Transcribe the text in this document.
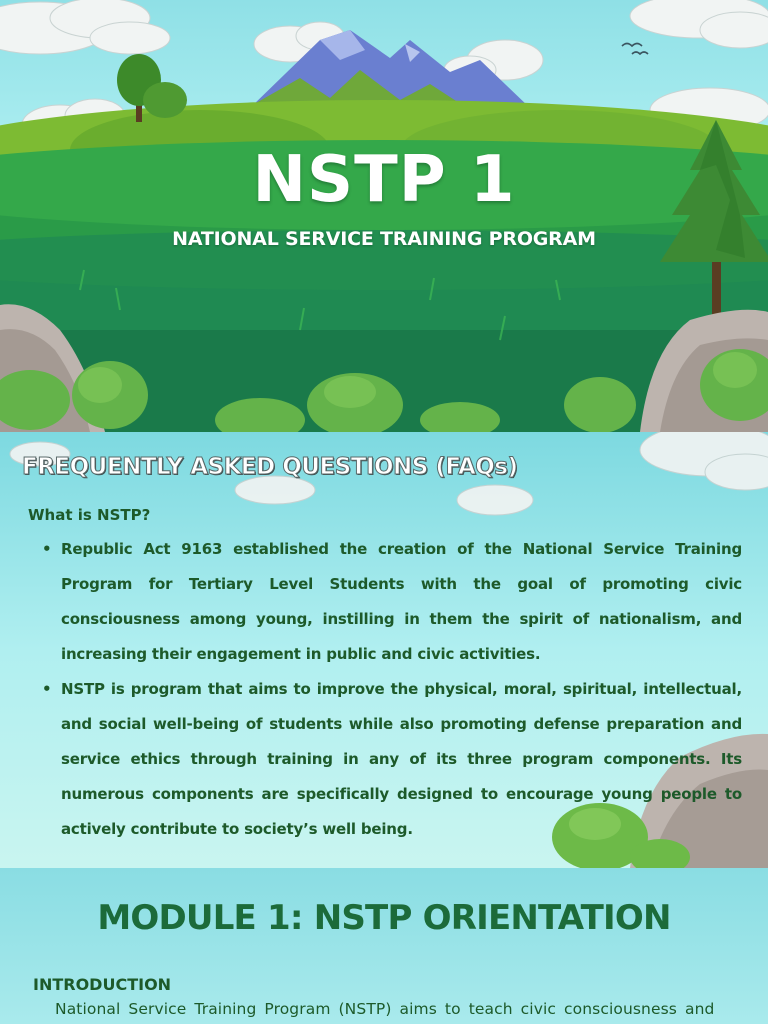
NSTP 1
NATIONAL SERVICE TRAINING PROGRAM
FREQUENTLY ASKED QUESTIONS (FAQs)
What is NSTP?
• Republic Act 9163 established the creation of the National Service Training Program for Tertiary Level Students with the goal of promoting civic consciousness among young, instilling in them the spirit of nationalism, and increasing their engagement in public and civic activities.
• NSTP is program that aims to improve the physical, moral, spiritual, intellectual, and social well-being of students while also promoting defense preparation and service ethics through training in any of its three program components. Its numerous components are specifically designed to encourage young people to actively contribute to society’s well being.
MODULE 1: NSTP ORIENTATION
INTRODUCTION

National Service Training Program (NSTP) aims to teach civic consciousness and
